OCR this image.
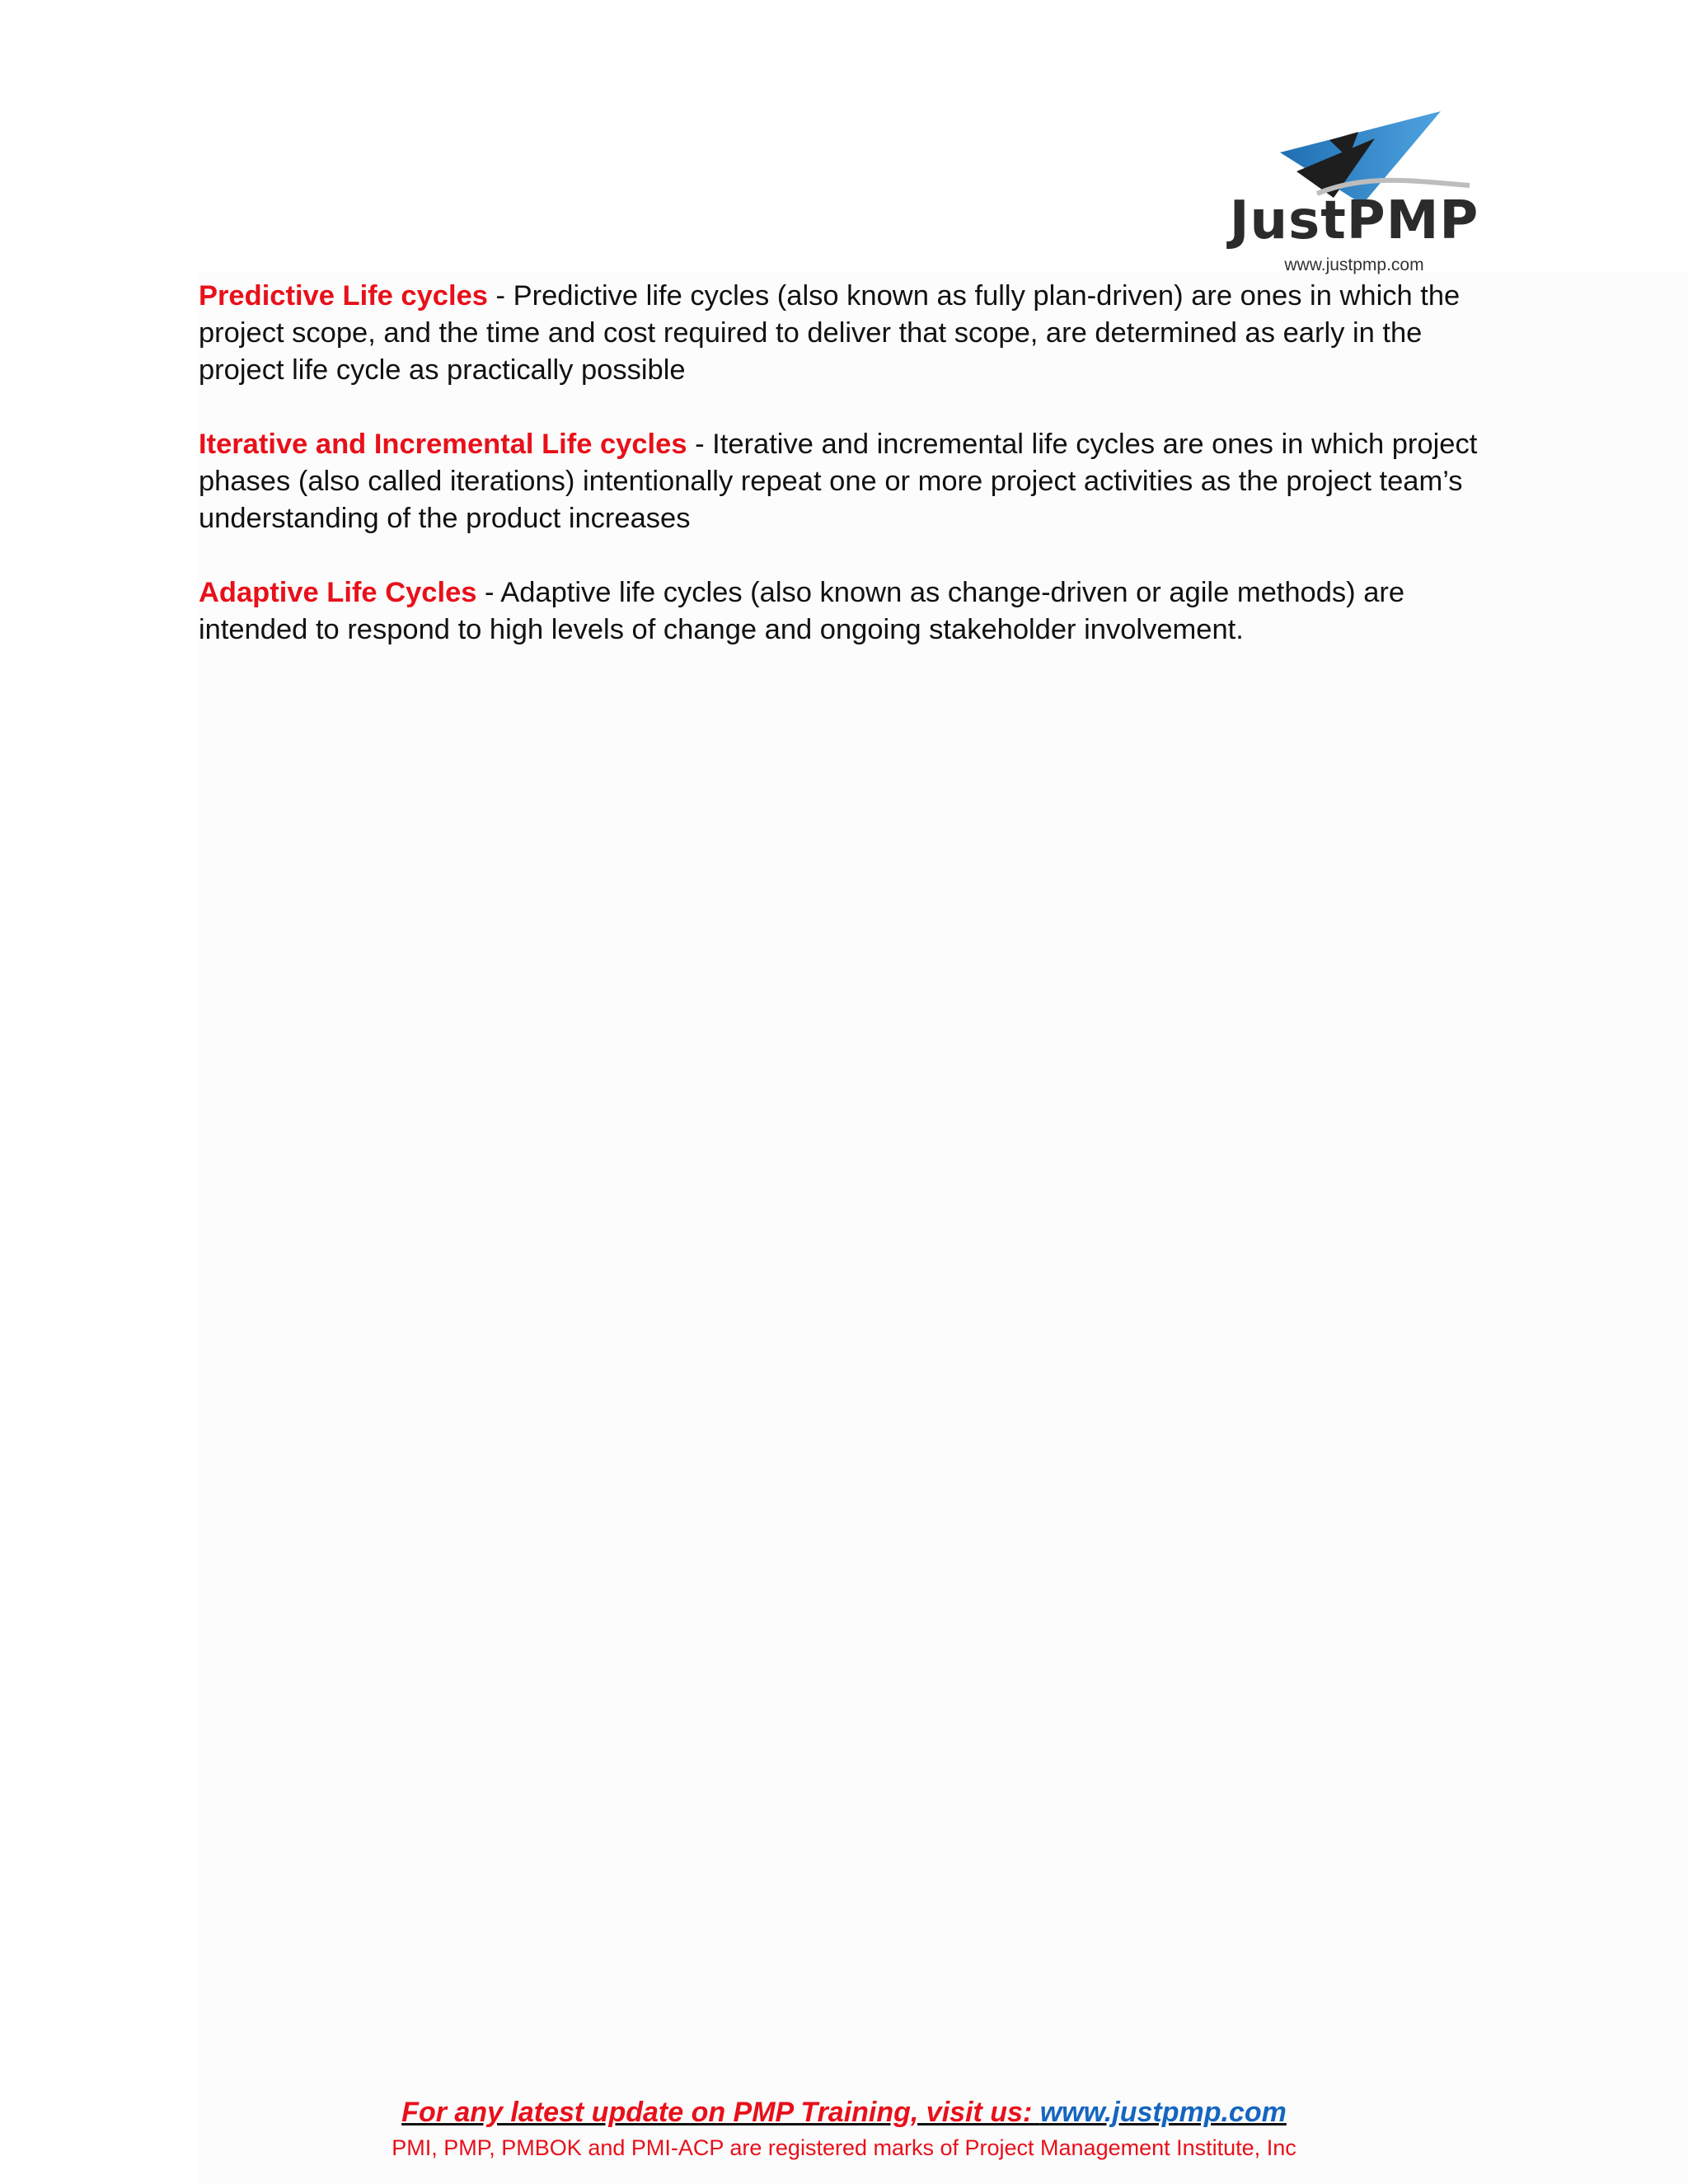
JustPMP
www.justpmp.com

Predictive Life cycles - Predictive life cycles (also known as fully plan-driven) are ones in which the project scope, and the time and cost required to deliver that scope, are determined as early in the project life cycle as practically possible

Iterative and Incremental Life cycles - Iterative and incremental life cycles are ones in which project phases (also called iterations) intentionally repeat one or more project activities as the project team’s understanding of the product increases

Adaptive Life Cycles - Adaptive life cycles (also known as change-driven or agile methods) are intended to respond to high levels of change and ongoing stakeholder involvement.

For any latest update on PMP Training, visit us: www.justpmp.com
PMI, PMP, PMBOK and PMI-ACP are registered marks of Project Management Institute, Inc
